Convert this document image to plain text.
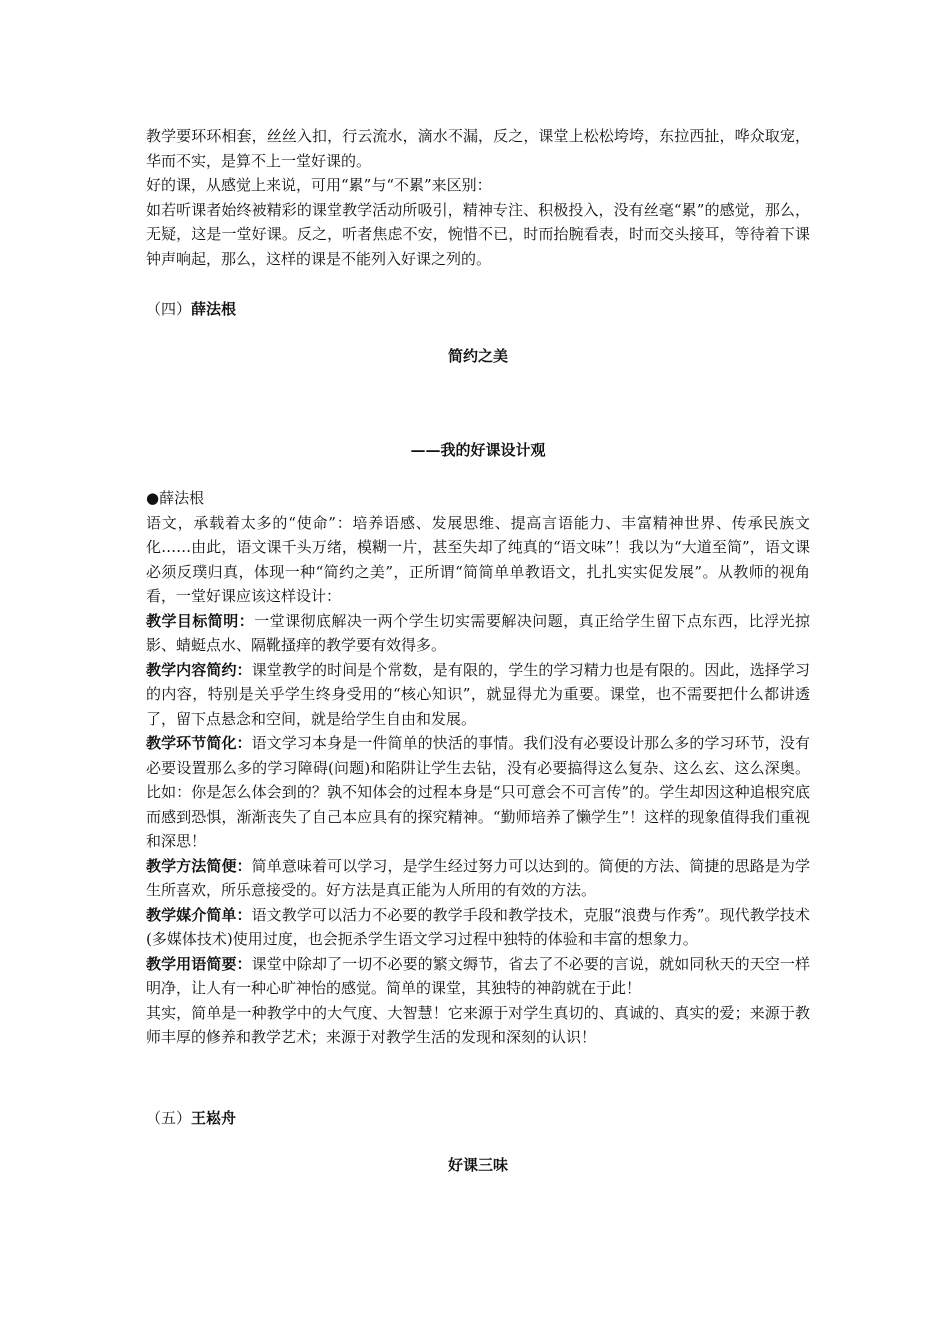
教学要环环相套，丝丝入扣，行云流水，滴水不漏，反之，课堂上松松垮垮，东拉西扯，哗众取宠，华而不实，是算不上一堂好课的。

好的课，从感觉上来说，可用“累”与“不累”来区别：

如若听课者始终被精彩的课堂教学活动所吸引，精神专注、积极投入，没有丝毫“累”的感觉，那么，无疑，这是一堂好课。反之，听者焦虑不安，惋惜不已，时而抬腕看表，时而交头接耳，等待着下课钟声响起，那么，这样的课是不能列入好课之列的。

（四）薛法根

简约之美
——我的好课设计观

●薛法根

语文，承载着太多的“使命”：培养语感、发展思维、提高言语能力、丰富精神世界、传承民族文化……由此，语文课千头万绪，模糊一片，甚至失却了纯真的“语文味”！我以为“大道至简”，语文课必须反璞归真，体现一种“简约之美”，正所谓“简简单单教语文，扎扎实实促发展”。从教师的视角看，一堂好课应该这样设计：

教学目标简明：一堂课彻底解决一两个学生切实需要解决问题，真正给学生留下点东西，比浮光掠影、蜻蜓点水、隔靴搔痒的教学要有效得多。

教学内容简约：课堂教学的时间是个常数，是有限的，学生的学习精力也是有限的。因此，选择学习的内容，特别是关乎学生终身受用的“核心知识”，就显得尤为重要。课堂，也不需要把什么都讲透了，留下点悬念和空间，就是给学生自由和发展。

教学环节简化：语文学习本身是一件简单的快活的事情。我们没有必要设计那么多的学习环节，没有必要设置那么多的学习障碍(问题)和陷阱让学生去钻，没有必要搞得这么复杂、这么玄、这么深奥。比如：你是怎么体会到的？孰不知体会的过程本身是“只可意会不可言传”的。学生却因这种追根究底而感到恐惧，渐渐丧失了自己本应具有的探究精神。“勤师培养了懒学生”！这样的现象值得我们重视和深思！

教学方法简便：简单意味着可以学习，是学生经过努力可以达到的。简便的方法、简捷的思路是为学生所喜欢，所乐意接受的。好方法是真正能为人所用的有效的方法。

教学媒介简单：语文教学可以活力不必要的教学手段和教学技术，克服“浪费与作秀”。现代教学技术(多媒体技术)使用过度，也会扼杀学生语文学习过程中独特的体验和丰富的想象力。

教学用语简要：课堂中除却了一切不必要的繁文缛节，省去了不必要的言说，就如同秋天的天空一样明净，让人有一种心旷神怡的感觉。简单的课堂，其独特的神韵就在于此！

其实，简单是一种教学中的大气度、大智慧！它来源于对学生真切的、真诚的、真实的爱；来源于教师丰厚的修养和教学艺术；来源于对教学生活的发现和深刻的认识！

（五）王崧舟

好课三味
